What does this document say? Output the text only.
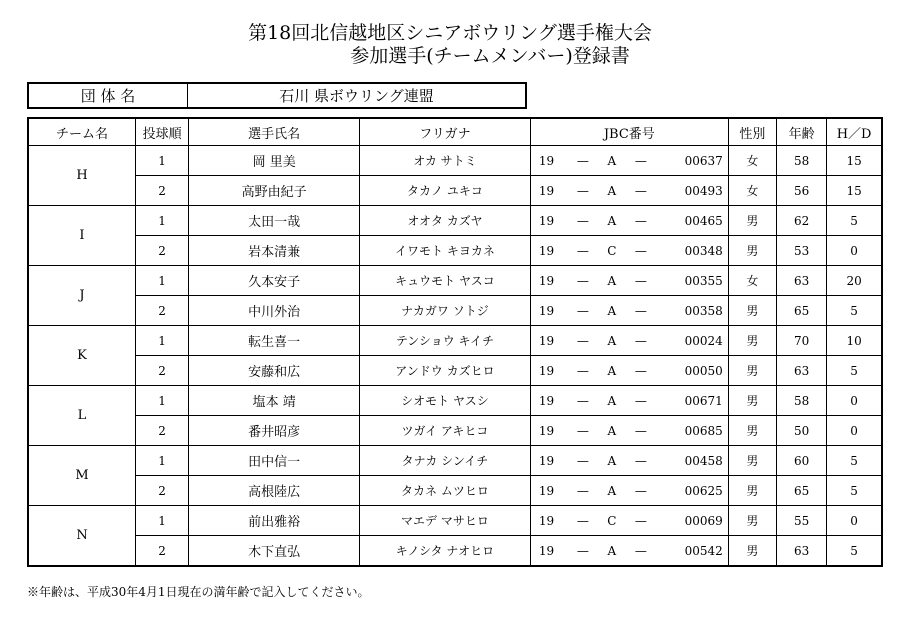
第18回北信越地区シニアボウリング選手権大会
参加選手(チームメンバー)登録書
団 体 名	石川 県ボウリング連盟
チーム名	投球順	選手氏名	フリガナ	JBC番号	性別	年齢	H／D
H	1	岡 里美	オカ サトミ	19 — A — 00637	女	58	15
	2	高野由紀子	タカノ ユキコ	19 — A — 00493	女	56	15
I	1	太田一哉	オオタ カズヤ	19 — A — 00465	男	62	5
	2	岩本清兼	イワモト キヨカネ	19 — C — 00348	男	53	0
J	1	久本安子	キュウモト ヤスコ	19 — A — 00355	女	63	20
	2	中川外治	ナカガワ ソトジ	19 — A — 00358	男	65	5
K	1	転生喜一	テンショウ キイチ	19 — A — 00024	男	70	10
	2	安藤和広	アンドウ カズヒロ	19 — A — 00050	男	63	5
L	1	塩本 靖	シオモト ヤスシ	19 — A — 00671	男	58	0
	2	番井昭彦	ツガイ アキヒコ	19 — A — 00685	男	50	0
M	1	田中信一	タナカ シンイチ	19 — A — 00458	男	60	5
	2	高根陸広	タカネ ムツヒロ	19 — A — 00625	男	65	5
N	1	前出雅裕	マエデ マサヒロ	19 — C — 00069	男	55	0
	2	木下直弘	キノシタ ナオヒロ	19 — A — 00542	男	63	5
※年齢は、平成30年4月1日現在の満年齢で記入してください。
